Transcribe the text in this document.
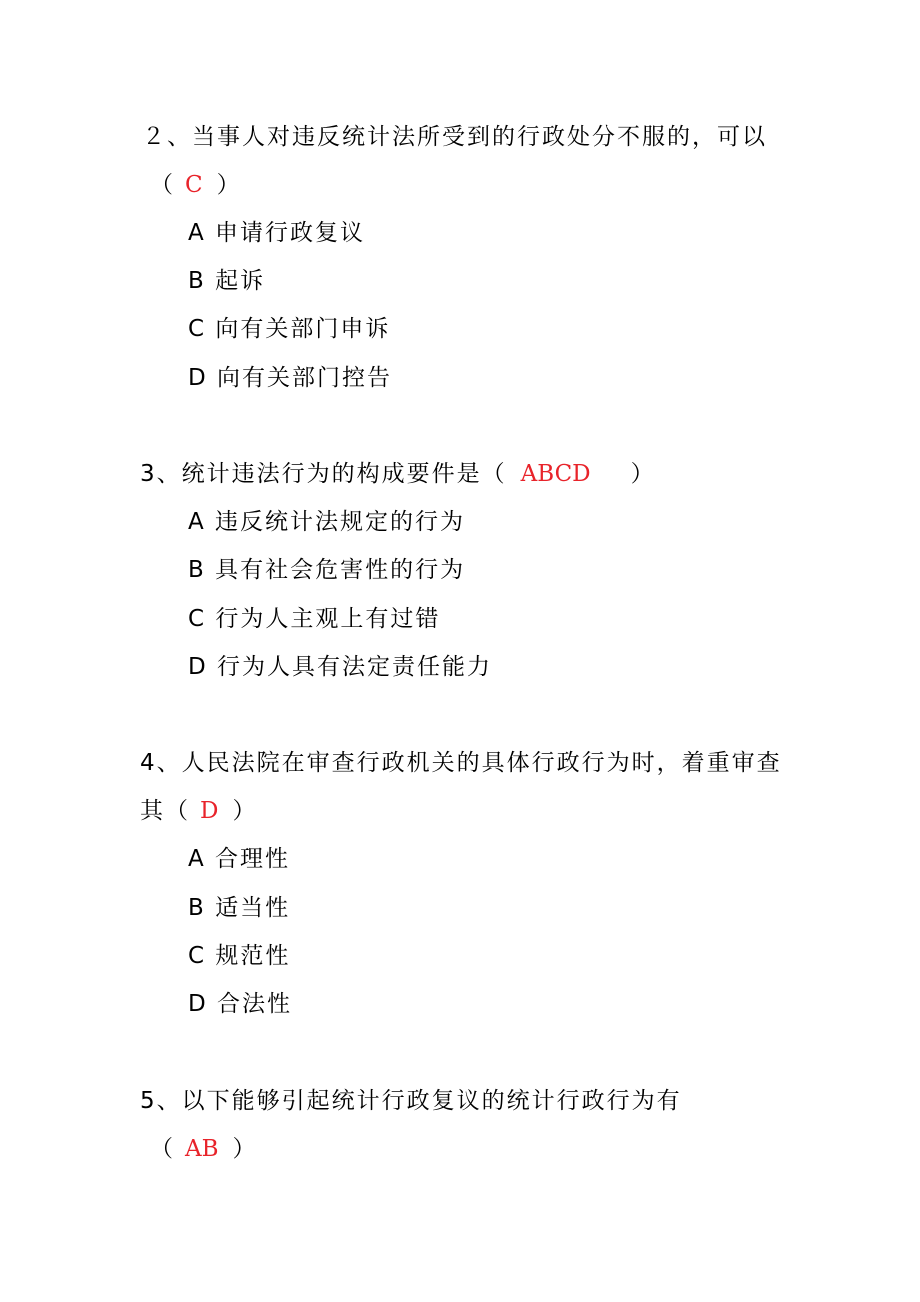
２、当事人对违反统计法所受到的行政处分不服的，可以
（ C ）
A 申请行政复议
B 起诉
C 向有关部门申诉
D 向有关部门控告
3、统计违法行为的构成要件是（ ABCD ）
A 违反统计法规定的行为
B 具有社会危害性的行为
C 行为人主观上有过错
D 行为人具有法定责任能力
4、人民法院在审查行政机关的具体行政行为时，着重审查
其（ D ）
A 合理性
B 适当性
C 规范性
D 合法性
5、以下能够引起统计行政复议的统计行政行为有
（ AB ）
